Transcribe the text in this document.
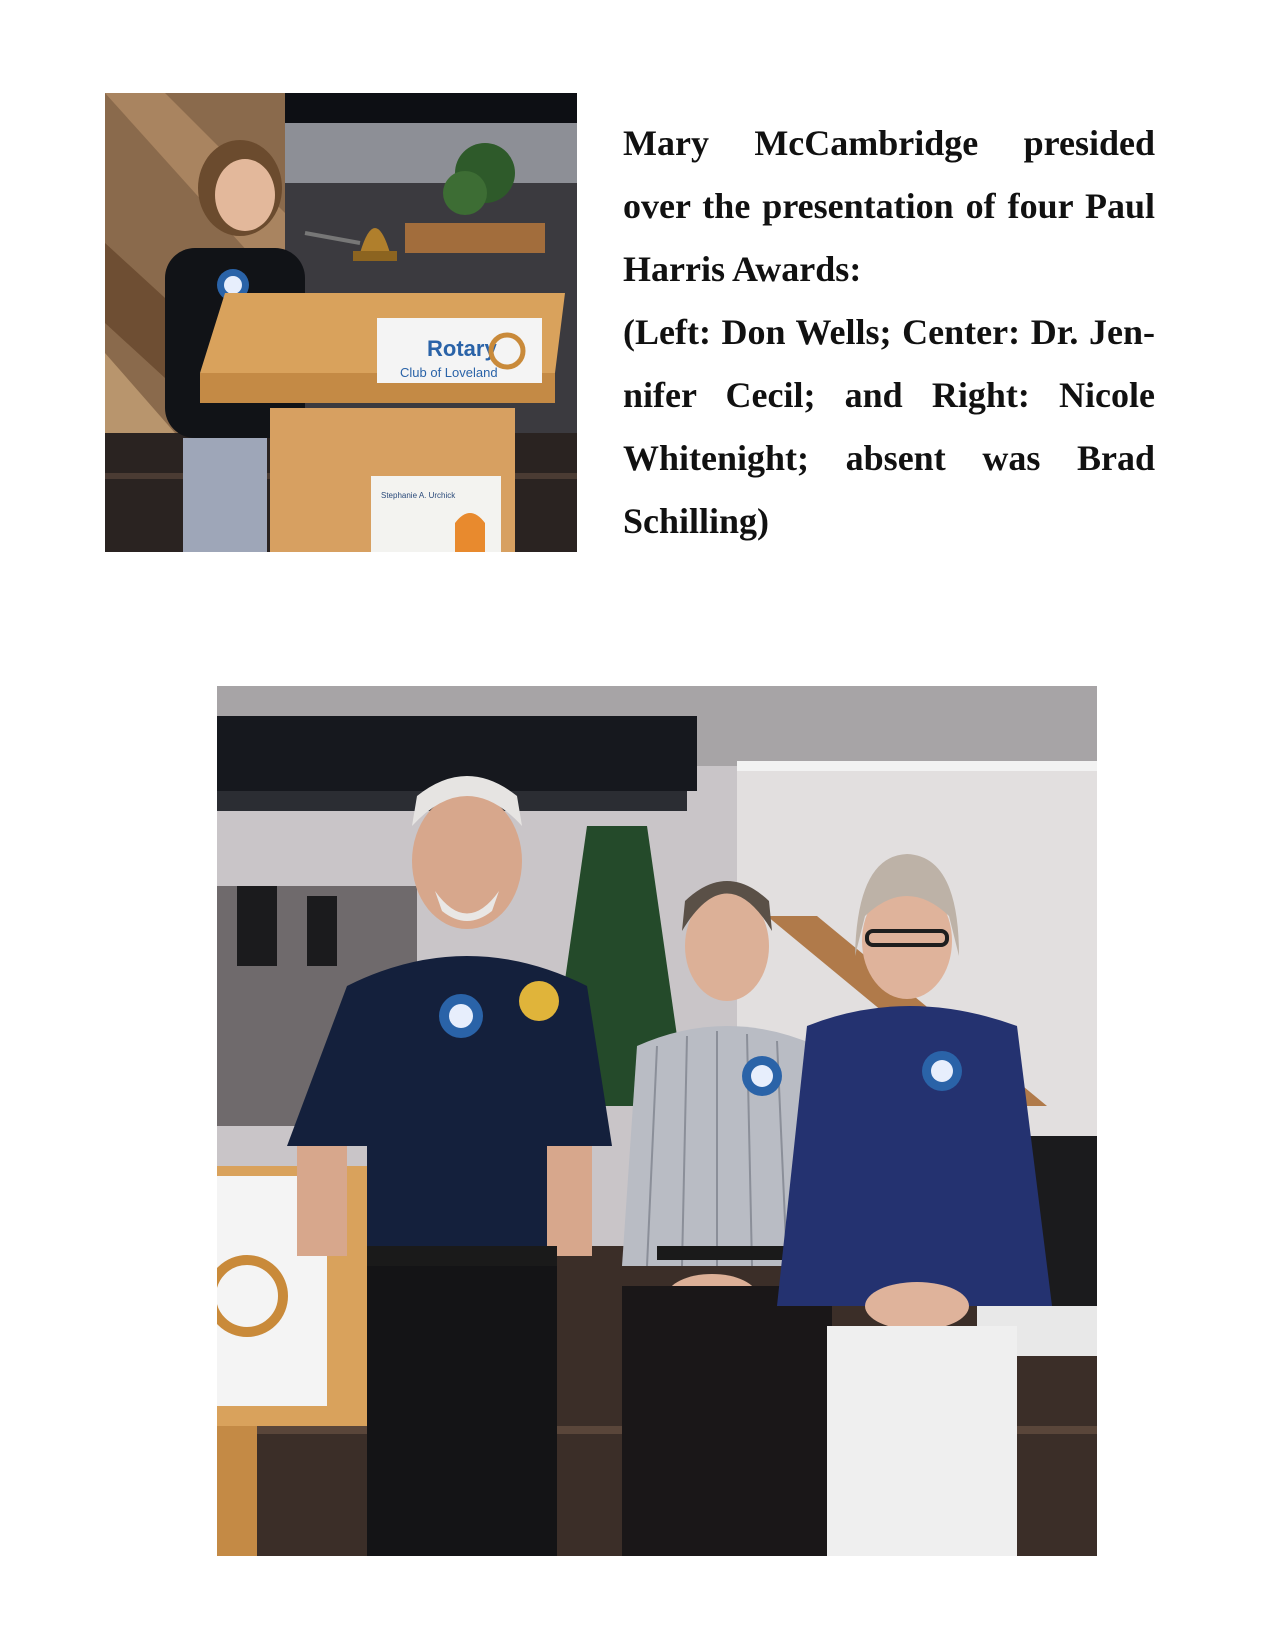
Rotary
Club of Loveland
Stephanie A. Urchick

Mary McCambridge presided over the presentation of four Paul Harris Awards:
(Left: Don Wells; Center: Dr. Jennifer Cecil; and Right: Nicole Whitenight; absent was Brad Schilling)
